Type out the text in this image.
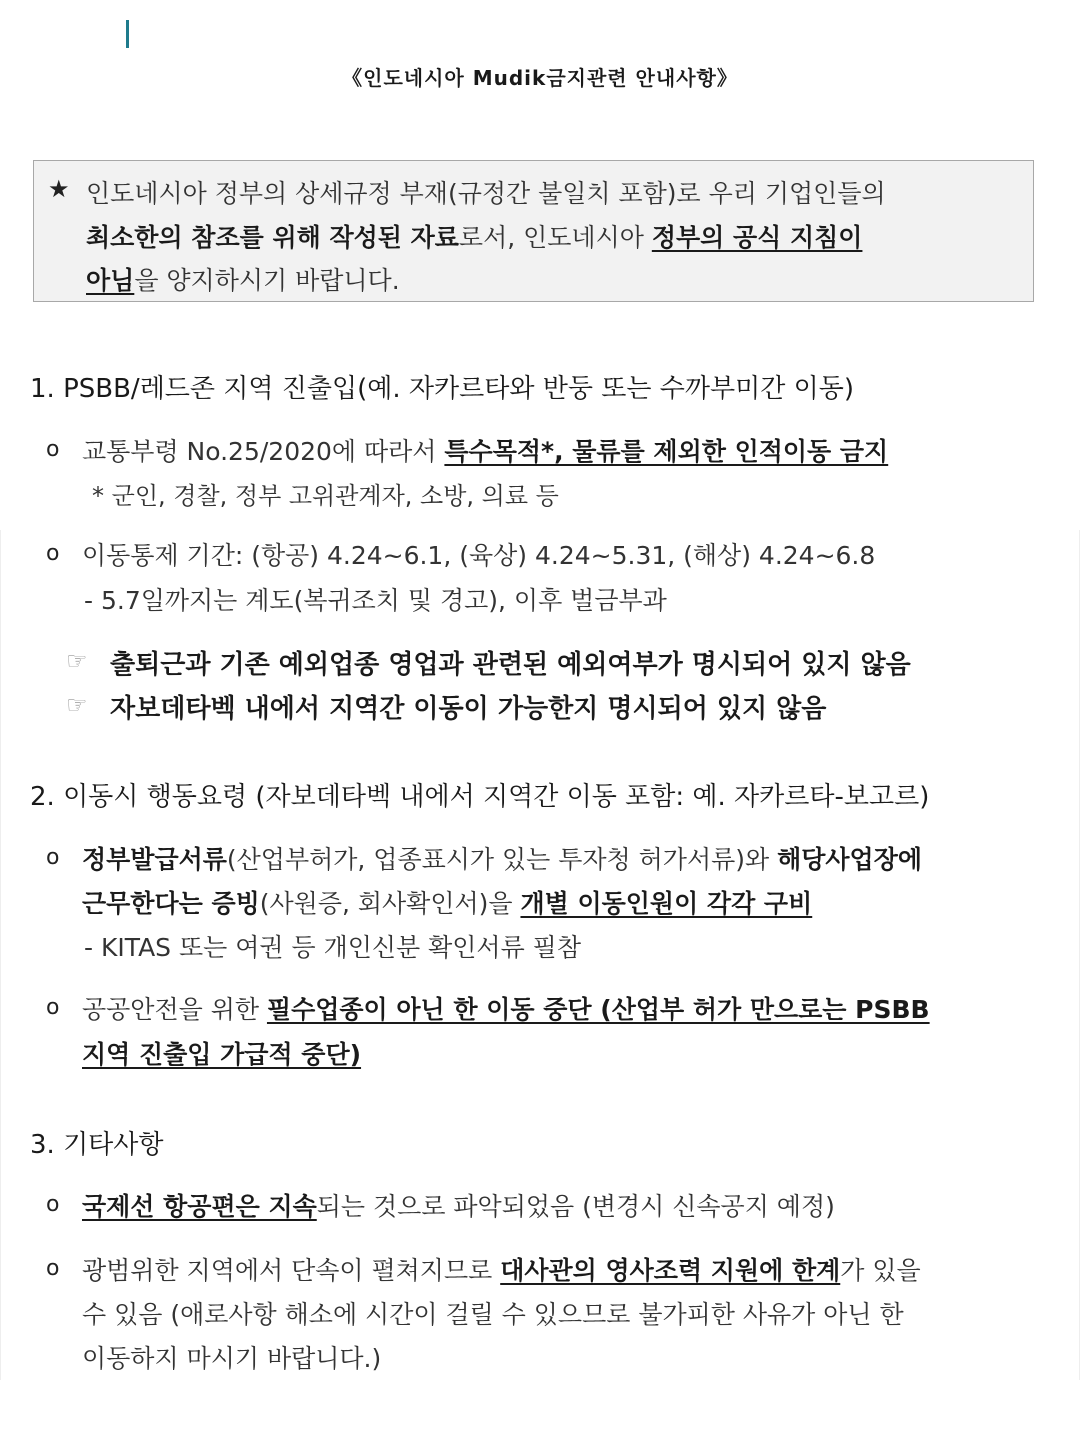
《인도네시아 Mudik금지관련 안내사항》
★ 인도네시아 정부의 상세규정 부재(규정간 불일치 포함)로 우리 기업인들의
최소한의 참조를 위해 작성된 자료로서, 인도네시아 정부의 공식 지침이
아님을 양지하시기 바랍니다.
1. PSBB/레드존 지역 진출입(예. 자카르타와 반둥 또는 수까부미간 이동)
o 교통부령 No.25/2020에 따라서 특수목적*, 물류를 제외한 인적이동 금지
* 군인, 경찰, 정부 고위관계자, 소방, 의료 등
o 이동통제 기간: (항공) 4.24~6.1, (육상) 4.24~5.31, (해상) 4.24~6.8
- 5.7일까지는 계도(복귀조치 및 경고), 이후 벌금부과
☞ 출퇴근과 기존 예외업종 영업과 관련된 예외여부가 명시되어 있지 않음
☞ 자보데타벡 내에서 지역간 이동이 가능한지 명시되어 있지 않음
2. 이동시 행동요령 (자보데타벡 내에서 지역간 이동 포함: 예. 자카르타-보고르)
o 정부발급서류(산업부허가, 업종표시가 있는 투자청 허가서류)와 해당사업장에
근무한다는 증빙(사원증, 회사확인서)을 개별 이동인원이 각각 구비
- KITAS 또는 여권 등 개인신분 확인서류 필참
o 공공안전을 위한 필수업종이 아닌 한 이동 중단 (산업부 허가 만으로는 PSBB
지역 진출입 가급적 중단)
3. 기타사항
o 국제선 항공편은 지속되는 것으로 파악되었음 (변경시 신속공지 예정)
o 광범위한 지역에서 단속이 펼쳐지므로 대사관의 영사조력 지원에 한계가 있을
수 있음 (애로사항 해소에 시간이 걸릴 수 있으므로 불가피한 사유가 아닌 한
이동하지 마시기 바랍니다.)
